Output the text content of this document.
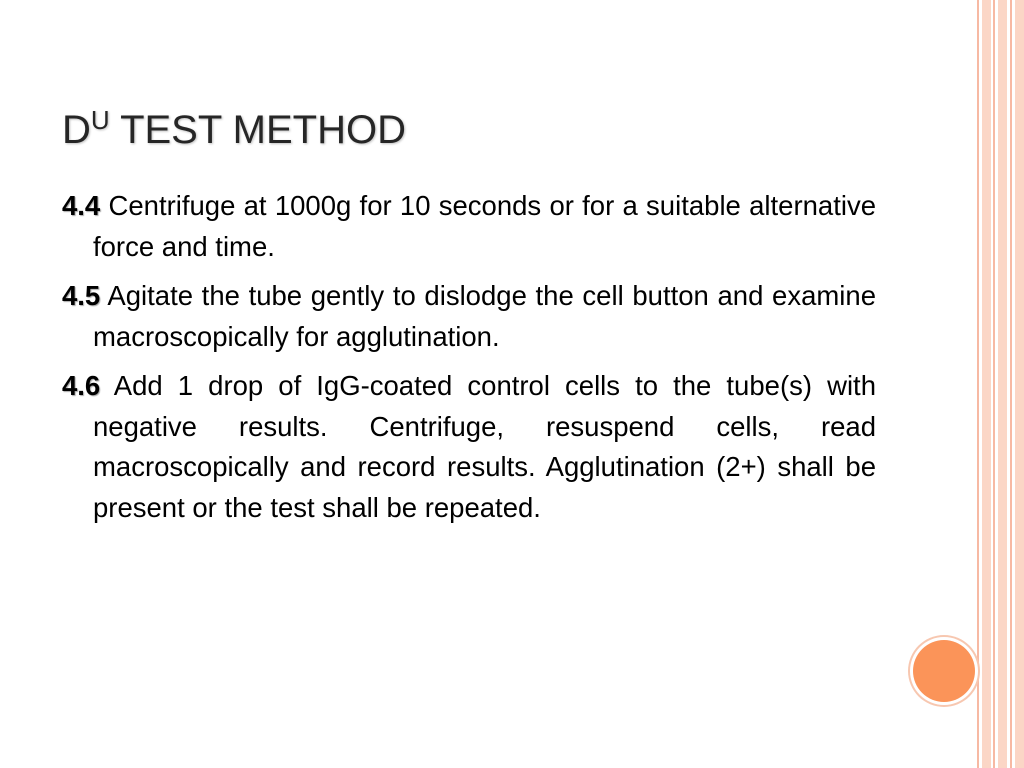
$D^U$ TEST METHOD

4.4 Centrifuge at 1000g for 10 seconds or for a suitable alternative force and time.

4.5 Agitate the tube gently to dislodge the cell button and examine macroscopically for agglutination.

4.6 Add 1 drop of IgG-coated control cells to the tube(s) with negative results. Centrifuge, resuspend cells, read macroscopically and record results. Agglutination (2+) shall be present or the test shall be repeated.
